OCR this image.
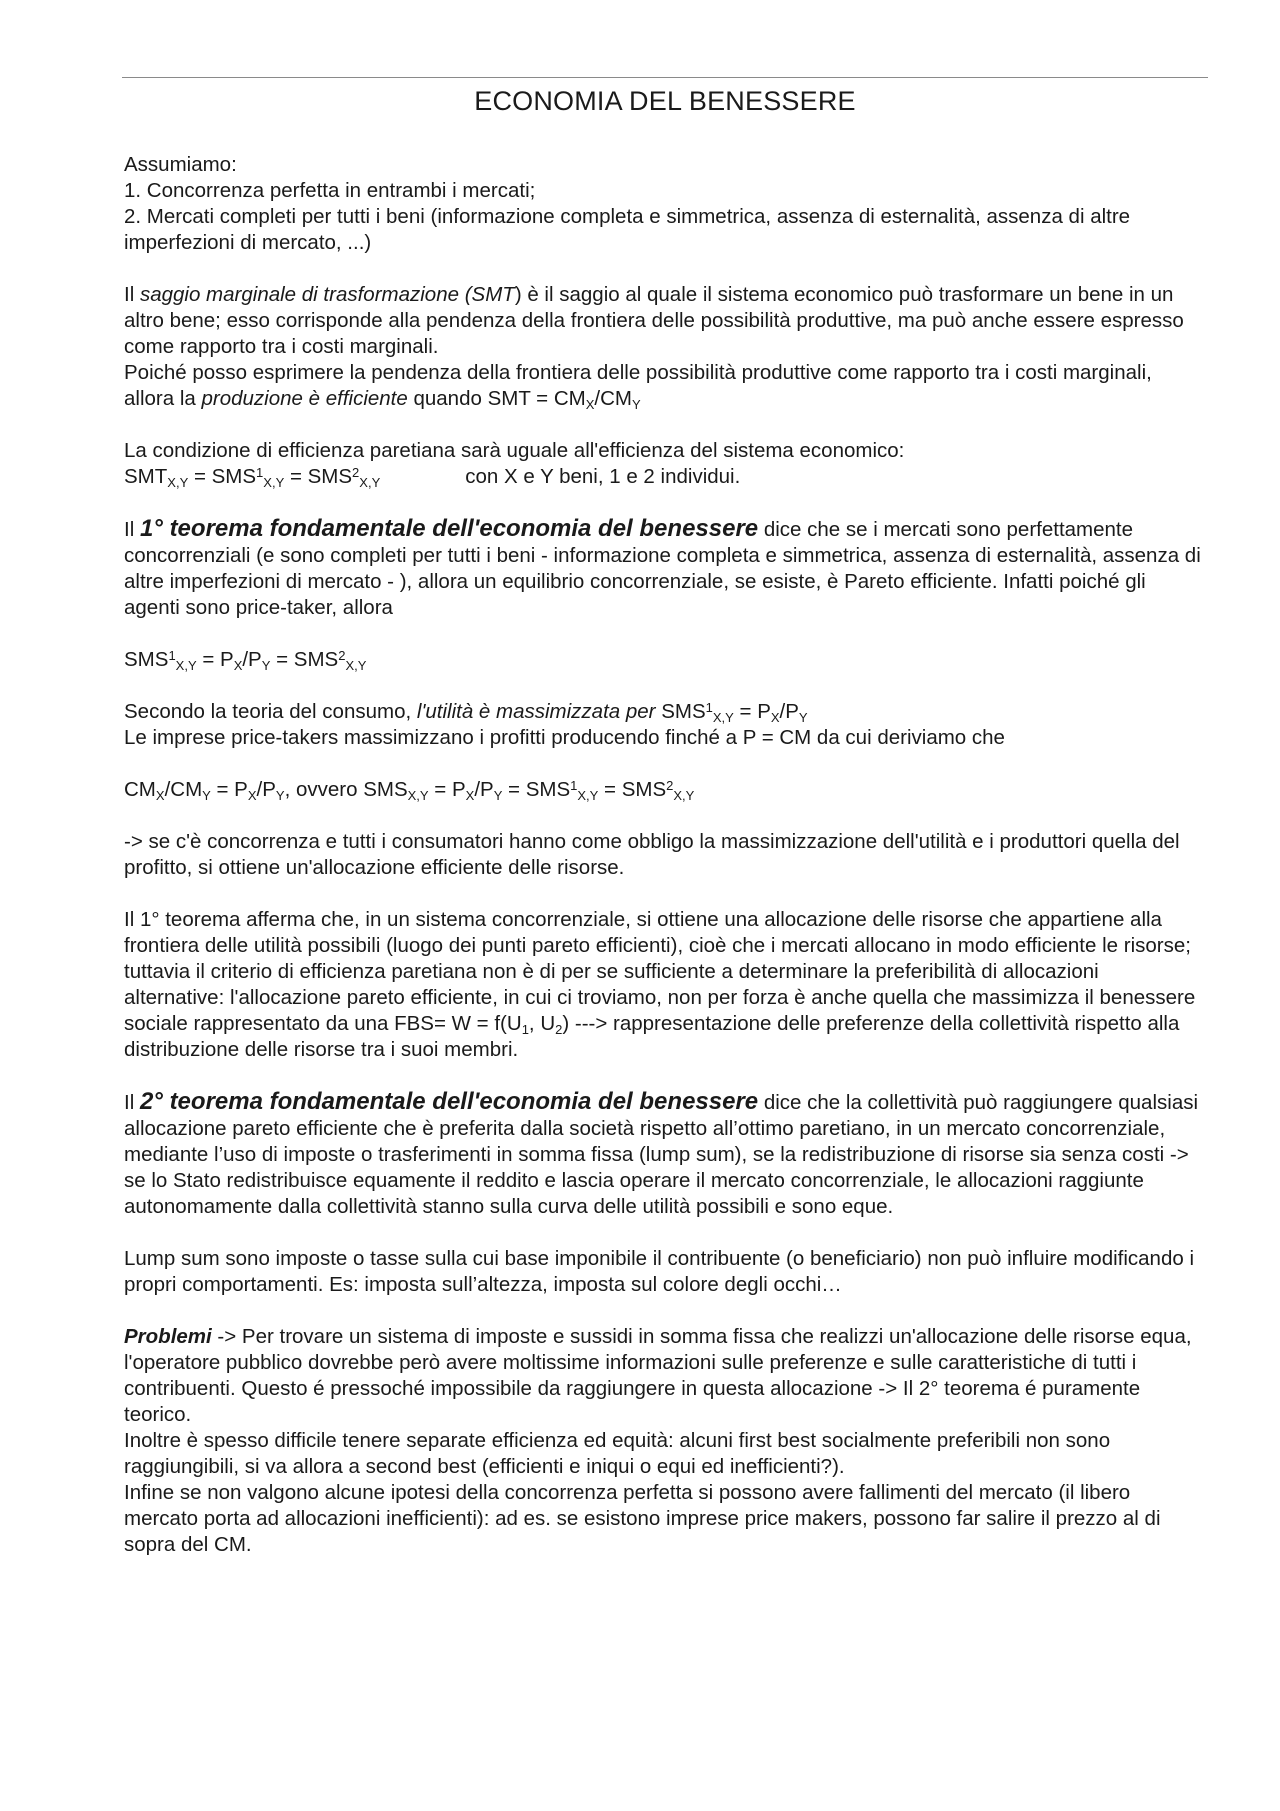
ECONOMIA DEL BENESSERE
Assumiamo:
1. Concorrenza perfetta in entrambi i mercati;
2. Mercati completi per tutti i beni (informazione completa e simmetrica, assenza di esternalità, assenza di altre imperfezioni di mercato, ...)
Il saggio marginale di trasformazione (SMT) è il saggio al quale il sistema economico può trasformare un bene in un altro bene; esso corrisponde alla pendenza della frontiera delle possibilità produttive, ma può anche essere espresso come rapporto tra i costi marginali.
Poiché posso esprimere la pendenza della frontiera delle possibilità produttive come rapporto tra i costi marginali, allora la produzione è efficiente quando SMT = $CM_X/CM_Y$
La condizione di efficienza paretiana sarà uguale all'efficienza del sistema economico:
$SMT_{X,Y} = SMS^1_{X,Y} = SMS^2_{X,Y}$	con X e Y beni, 1 e 2 individui.
Il 1° teorema fondamentale dell'economia del benessere dice che se i mercati sono perfettamente concorrenziali (e sono completi per tutti i beni - informazione completa e simmetrica, assenza di esternalità, assenza di altre imperfezioni di mercato - ), allora un equilibrio concorrenziale, se esiste, è Pareto efficiente. Infatti poiché gli agenti sono price-taker, allora
$SMS^1_{X,Y} = P_X/P_Y = SMS^2_{X,Y}$
Secondo la teoria del consumo, l'utilità è massimizzata per $SMS^1_{X,Y} = P_X/P_Y$
Le imprese price-takers massimizzano i profitti producendo finché a P = CM da cui deriviamo che
$CM_X/CM_Y = P_X/P_Y$, ovvero $SMS_{X,Y} = P_X/P_Y = SMS^1_{X,Y} = SMS^2_{X,Y}$
-> se c'è concorrenza e tutti i consumatori hanno come obbligo la massimizzazione dell'utilità e i produttori quella del profitto, si ottiene un'allocazione efficiente delle risorse.
Il 1° teorema afferma che, in un sistema concorrenziale, si ottiene una allocazione delle risorse che appartiene alla frontiera delle utilità possibili (luogo dei punti pareto efficienti), cioè che i mercati allocano in modo efficiente le risorse; tuttavia il criterio di efficienza paretiana non è di per se sufficiente a determinare la preferibilità di allocazioni alternative: l'allocazione pareto efficiente, in cui ci troviamo, non per forza è anche quella che massimizza il benessere sociale rappresentato da una $FBS= W = f(U_1$, $U_2$) ---> rappresentazione delle preferenze della collettività rispetto alla distribuzione delle risorse tra i suoi membri.
Il 2° teorema fondamentale dell'economia del benessere dice che la collettività può raggiungere qualsiasi allocazione pareto efficiente che è preferita dalla società rispetto all’ottimo paretiano, in un mercato concorrenziale, mediante l’uso di imposte o trasferimenti in somma fissa (lump sum), se la redistribuzione di risorse sia senza costi -> se lo Stato redistribuisce equamente il reddito e lascia operare il mercato concorrenziale, le allocazioni raggiunte autonomamente dalla collettività stanno sulla curva delle utilità possibili e sono eque.
Lump sum sono imposte o tasse sulla cui base imponibile il contribuente (o beneficiario) non può influire modificando i propri comportamenti. Es: imposta sull’altezza, imposta sul colore degli occhi…
Problemi -> Per trovare un sistema di imposte e sussidi in somma fissa che realizzi un'allocazione delle risorse equa, l'operatore pubblico dovrebbe però avere moltissime informazioni sulle preferenze e sulle caratteristiche di tutti i contribuenti. Questo é pressoché impossibile da raggiungere in questa allocazione -> Il 2° teorema é puramente teorico.
Inoltre è spesso difficile tenere separate efficienza ed equità: alcuni first best socialmente preferibili non sono raggiungibili, si va allora a second best (efficienti e iniqui o equi ed inefficienti?).
Infine se non valgono alcune ipotesi della concorrenza perfetta si possono avere fallimenti del mercato (il libero mercato porta ad allocazioni inefficienti): ad es. se esistono imprese price makers, possono far salire il prezzo al di sopra del CM.
